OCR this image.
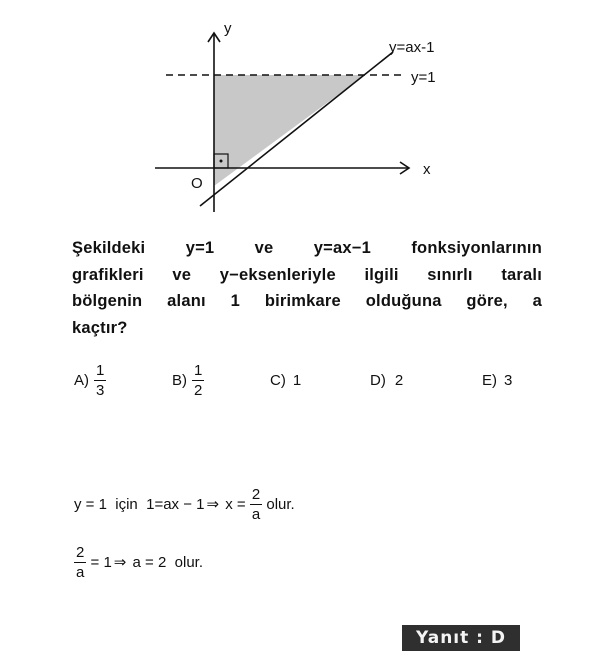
y
x
O
y=ax-1
y=1
Şekildeki y=1 ve y=ax−1 fonksiyonlarının
grafikleri ve y−eksenleriyle ilgili sınırlı taralı
bölgenin alanı 1 birimkare olduğuna göre, a
kaçtır?
$A) \frac{1}{3}$	$B) \frac{1}{2}$	C) 1	D) 2	E) 3
y = 1  için  1=ax − 1 ⇒ $x = \frac{2}{a}$ olur.
$\frac{2}{a} = 1$ ⇒ a = 2  olur.
Yanıt : D
